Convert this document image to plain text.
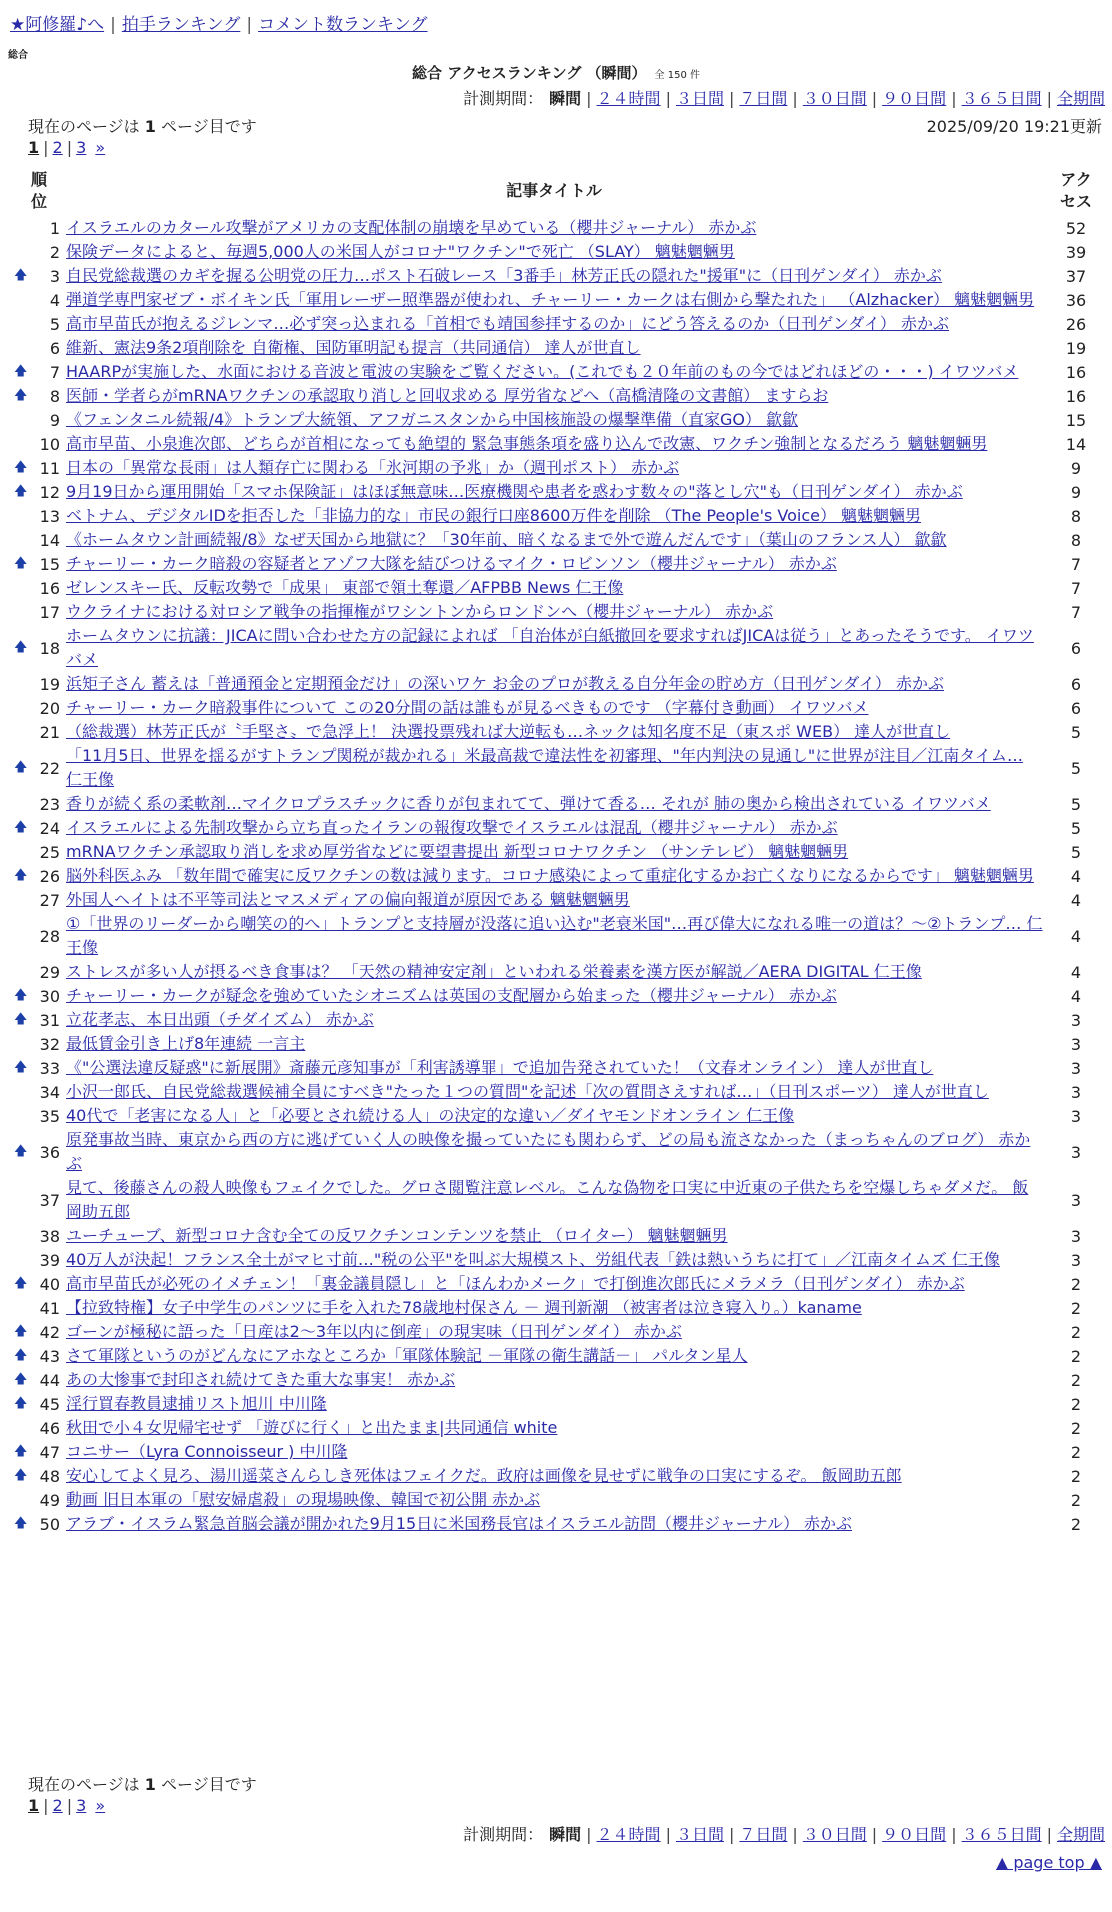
★阿修羅♪へ | 拍手ランキング | コメント数ランキング
総合
総合 アクセスランキング （瞬間） 全 150 件
計測期間： 瞬間 | ２４時間 | ３日間 | ７日間 | ３０日間 | ９０日間 | ３６５日間 | 全期間
現在のページは 1 ページ目です	2025/09/20 19:21更新
1 | 2 | 3 »
順位		記事タイトル	アクセス
	1	イスラエルのカタール攻撃がアメリカの支配体制の崩壊を早めている（櫻井ジャーナル） 赤かぶ	52
	2	保険データによると、毎週5,000人の米国人がコロナ"ワクチン"で死亡 （SLAY） 魑魅魍魎男	39
🡅	3	自民党総裁選のカギを握る公明党の圧力…ポスト石破レース「3番手」林芳正氏の隠れた"援軍"に（日刊ゲンダイ） 赤かぶ	37
	4	弾道学専門家ゼブ・ボイキン氏「軍用レーザー照準器が使われ、チャーリー・カークは右側から撃たれた」 （Alzhacker） 魑魅魍魎男	36
	5	高市早苗氏が抱えるジレンマ…必ず突っ込まれる「首相でも靖国参拝するのか」にどう答えるのか（日刊ゲンダイ） 赤かぶ	26
	6	維新、憲法9条2項削除を 自衛権、国防軍明記も提言（共同通信） 達人が世直し	19
🡅	7	HAARPが実施した、水面における音波と電波の実験をご覧ください。(これでも２０年前のもの今ではどれほどの・・・) イワツバメ	16
🡅	8	医師・学者らがmRNAワクチンの承認取り消しと回収求める 厚労省などへ（高橋清隆の文書館） ますらお	16
	9	《フェンタニル続報/4》トランプ大統領、アフガニスタンから中国核施設の爆撃準備（直家GO） 歙歙	15
	10	高市早苗、小泉進次郎、どちらが首相になっても絶望的 緊急事態条項を盛り込んで改憲、ワクチン強制となるだろう 魑魅魍魎男	14
🡅	11	日本の「異常な長雨」は人類存亡に関わる「氷河期の予兆」か（週刊ポスト） 赤かぶ	9
🡅	12	9月19日から運用開始「スマホ保険証」はほぼ無意味…医療機関や患者を惑わす数々の"落とし穴"も（日刊ゲンダイ） 赤かぶ	9
	13	ベトナム、デジタルIDを拒否した「非協力的な」市民の銀行口座8600万件を削除 （The People's Voice） 魑魅魍魎男	8
	14	《ホームタウン計画続報/8》なぜ天国から地獄に？「30年前、暗くなるまで外で遊んだんです」（葉山のフランス人） 歙歙	8
🡅	15	チャーリー・カーク暗殺の容疑者とアゾフ大隊を結びつけるマイク・ロビンソン（櫻井ジャーナル） 赤かぶ	7
	16	ゼレンスキー氏、反転攻勢で「成果」 東部で領土奪還／AFPBB News 仁王像	7
	17	ウクライナにおける対ロシア戦争の指揮権がワシントンからロンドンへ（櫻井ジャーナル） 赤かぶ	7
🡅	18	ホームタウンに抗議：JICAに問い合わせた方の記録によれば 「自治体が白紙撤回を要求すればJICAは従う」とあったそうです。 イワツバメ	6
	19	浜矩子さん 蓄えは「普通預金と定期預金だけ」の深いワケ お金のプロが教える自分年金の貯め方（日刊ゲンダイ） 赤かぶ	6
	20	チャーリー・カーク暗殺事件について この20分間の話は誰もが見るべきものです （字幕付き動画） イワツバメ	6
	21	（総裁選）林芳正氏が〝手堅さ〟で急浮上！ 決選投票残れば大逆転も…ネックは知名度不足（東スポ WEB） 達人が世直し	5
🡅	22	「11月5日、世界を揺るがすトランプ関税が裁かれる」米最高裁で違法性を初審理、"年内判決の見通し"に世界が注目／江南タイム… 仁王像	5
	23	香りが続く系の柔軟剤…マイクロプラスチックに香りが包まれてて、弾けて香る… それが 肺の奥から検出されている イワツバメ	5
🡅	24	イスラエルによる先制攻撃から立ち直ったイランの報復攻撃でイスラエルは混乱（櫻井ジャーナル） 赤かぶ	5
	25	mRNAワクチン承認取り消しを求め厚労省などに要望書提出 新型コロナワクチン （サンテレビ） 魑魅魍魎男	5
🡅	26	脳外科医ふみ 「数年間で確実に反ワクチンの数は減ります。コロナ感染によって重症化するかお亡くなりになるからです」 魑魅魍魎男	4
	27	外国人ヘイトは不平等司法とマスメディアの偏向報道が原因である 魑魅魍魎男	4
	28	①「世界のリーダーから嘲笑の的へ」トランプと支持層が没落に追い込む"老衰米国"…再び偉大になれる唯一の道は？～②トランプ… 仁王像	4
	29	ストレスが多い人が摂るべき食事は？ 「天然の精神安定剤」といわれる栄養素を漢方医が解説／AERA DIGITAL 仁王像	4
🡅	30	チャーリー・カークが疑念を強めていたシオニズムは英国の支配層から始まった（櫻井ジャーナル） 赤かぶ	4
🡅	31	立花孝志、本日出頭（チダイズム） 赤かぶ	3
	32	最低賃金引き上げ8年連続 一言主	3
🡅	33	《"公選法違反疑惑"に新展開》斎藤元彦知事が「利害誘導罪」で追加告発されていた！（文春オンライン） 達人が世直し	3
	34	小沢一郎氏、自民党総裁選候補全員にすべき"たった１つの質問"を記述「次の質問さえすれば…」（日刊スポーツ） 達人が世直し	3
	35	40代で「老害になる人」と「必要とされ続ける人」の決定的な違い／ダイヤモンドオンライン 仁王像	3
🡅	36	原発事故当時、東京から西の方に逃げていく人の映像を撮っていたにも関わらず、どの局も流さなかった（まっちゃんのブログ） 赤かぶ	3
	37	見て、後藤さんの殺人映像もフェイクでした。グロさ閲覧注意レベル。こんな偽物を口実に中近東の子供たちを空爆しちゃダメだ。 飯岡助五郎	3
	38	ユーチューブ、新型コロナ含む全ての反ワクチンコンテンツを禁止 （ロイター） 魑魅魍魎男	3
	39	40万人が決起！フランス全土がマヒ寸前…"税の公平"を叫ぶ大規模スト、労組代表「鉄は熱いうちに打て」／江南タイムズ 仁王像	3
🡅	40	高市早苗氏が必死のイメチェン！「裏金議員隠し」と「ほんわかメーク」で打倒進次郎氏にメラメラ（日刊ゲンダイ） 赤かぶ	2
	41	【拉致特権】女子中学生のパンツに手を入れた78歳地村保さん － 週刊新潮 （被害者は泣き寝入り。）kaname	2
🡅	42	ゴーンが極秘に語った「日産は2～3年以内に倒産」の現実味（日刊ゲンダイ） 赤かぶ	2
🡅	43	さて軍隊というのがどんなにアホなところか「軍隊体験記 －軍隊の衛生講話－」 パルタン星人	2
🡅	44	あの大惨事で封印され続けてきた重大な事実！ 赤かぶ	2
🡅	45	淫行買春教員逮捕リスト旭川 中川隆	2
	46	秋田で小４女児帰宅せず 「遊びに行く」と出たまま|共同通信 white	2
🡅	47	コニサー（Lyra Connoisseur ) 中川隆	2
🡅	48	安心してよく見ろ、湯川遥菜さんらしき死体はフェイクだ。政府は画像を見せずに戦争の口実にするぞ。 飯岡助五郎	2
	49	動画 旧日本軍の「慰安婦虐殺」の現場映像、韓国で初公開 赤かぶ	2
🡅	50	アラブ・イスラム緊急首脳会議が開かれた9月15日に米国務長官はイスラエル訪問（櫻井ジャーナル） 赤かぶ	2
現在のページは 1 ページ目です
1 | 2 | 3 »
計測期間： 瞬間 | ２４時間 | ３日間 | ７日間 | ３０日間 | ９０日間 | ３６５日間 | 全期間
▲ page top ▲
